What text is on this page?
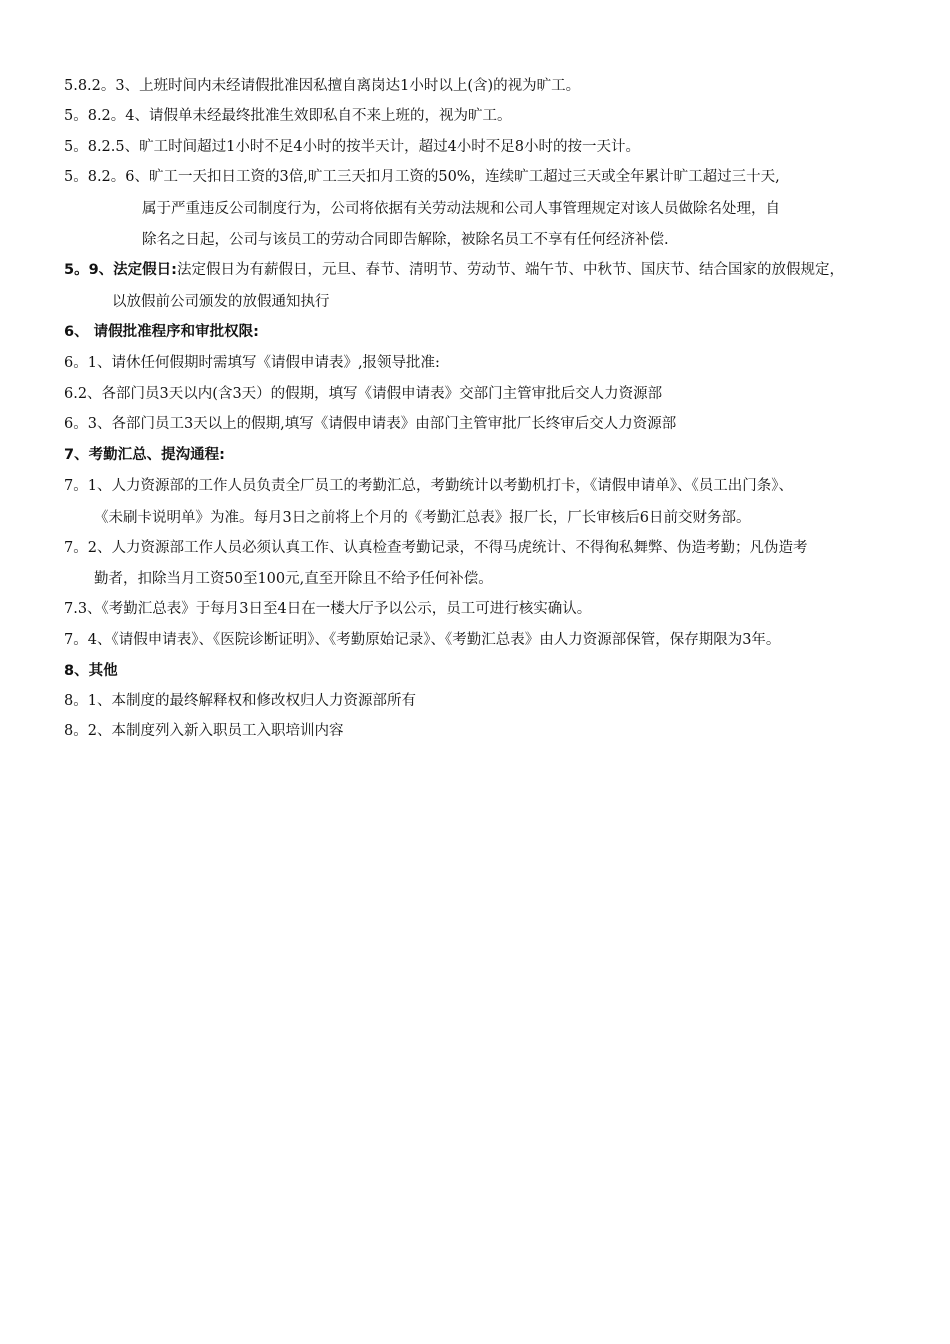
5.8.2。3、上班时间内未经请假批准因私擅自离岗达1小时以上(含)的视为旷工。
5。8.2。4、请假单未经最终批准生效即私自不来上班的，视为旷工。
5。8.2.5、旷工时间超过1小时不足4小时的按半天计，超过4小时不足8小时的按一天计。
5。8.2。6、旷工一天扣日工资的3倍,旷工三天扣月工资的50%，连续旷工超过三天或全年累计旷工超过三十天,
属于严重违反公司制度行为，公司将依据有关劳动法规和公司人事管理规定对该人员做除名处理，自
除名之日起，公司与该员工的劳动合同即告解除，被除名员工不享有任何经济补偿.
5。9、法定假日:法定假日为有薪假日，元旦、春节、清明节、劳动节、端午节、中秋节、国庆节、结合国家的放假规定，
以放假前公司颁发的放假通知执行
6、 请假批准程序和审批权限:
6。1、请休任何假期时需填写《请假申请表》,报领导批准:
6.2、各部门员3天以内(含3天）的假期，填写《请假申请表》交部门主管审批后交人力资源部
6。3、各部门员工3天以上的假期,填写《请假申请表》由部门主管审批厂长终审后交人力资源部
7、考勤汇总、提沟通程:
7。1、人力资源部的工作人员负责全厂员工的考勤汇总，考勤统计以考勤机打卡，《请假申请单》、《员工出门条》、
《未刷卡说明单》为准。每月3日之前将上个月的《考勤汇总表》报厂长，厂长审核后6日前交财务部。
7。2、人力资源部工作人员必须认真工作、认真检查考勤记录，不得马虎统计、不得徇私舞弊、伪造考勤；凡伪造考
勤者，扣除当月工资50至100元,直至开除且不给予任何补偿。
7.3、《考勤汇总表》于每月3日至4日在一楼大厅予以公示，员工可进行核实确认。
7。4、《请假申请表》、《医院诊断证明》、《考勤原始记录》、《考勤汇总表》由人力资源部保管，保存期限为3年。
8、其他
8。1、本制度的最终解释权和修改权归人力资源部所有
8。2、本制度列入新入职员工入职培训内容
